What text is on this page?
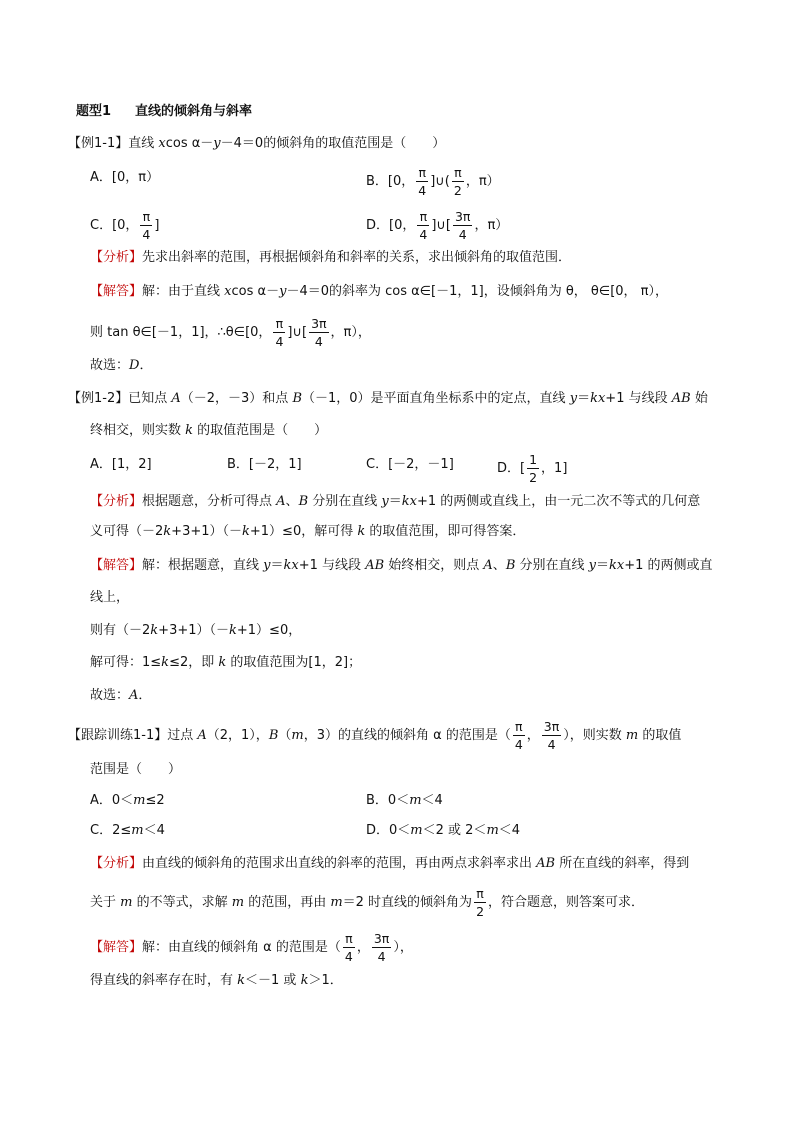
题型1 直线的倾斜角与斜率
【例1-1】直线 xcos α－y－4＝0的倾斜角的取值范围是（　　）
A．[0，π）	B．[0， $\frac{\pi}{4}$ ]∪( $\frac{\pi}{2}$ ，π）
C．[0， $\frac{\pi}{4}$ ]	D．[0， $\frac{\pi}{4}$ ]∪[ $\frac{3\pi}{4}$ ，π）
【分析】先求出斜率的范围，再根据倾斜角和斜率的关系，求出倾斜角的取值范围．
【解答】解：由于直线 xcos α－y－4＝0的斜率为 cos α∈[－1，1]，设倾斜角为 θ， θ∈[0， π），
则 tan θ∈[－1，1]，∴θ∈[0， $\frac{\pi}{4}$ ]∪[ $\frac{3\pi}{4}$ ，π），
故选：D．
【例1-2】已知点 A（－2，－3）和点 B（－1，0）是平面直角坐标系中的定点，直线 y＝kx+1 与线段 AB 始
终相交，则实数 k 的取值范围是（　　）
A．[1，2]	B．[－2，1]	C．[－2，－1]	D．[ $\frac{1}{2}$ ，1]
【分析】根据题意，分析可得点 A、B 分别在直线 y＝kx+1 的两侧或直线上，由一元二次不等式的几何意
义可得（－2k+3+1）（－k+1）≤0，解可得 k 的取值范围，即可得答案．
【解答】解：根据题意，直线 y＝kx+1 与线段 AB 始终相交，则点 A、B 分别在直线 y＝kx+1 的两侧或直
线上，
则有（－2k+3+1）（－k+1）≤0，
解可得：1≤k≤2，即 k 的取值范围为[1，2]；
故选：A．
【跟踪训练1-1】过点 A（2，1），B（m，3）的直线的倾斜角 α 的范围是（ $\frac{\pi}{4}$ ， $\frac{3\pi}{4}$ ），则实数 m 的取值
范围是（　　）
A．0＜m≤2	B．0＜m＜4
C．2≤m＜4	D．0＜m＜2 或 2＜m＜4
【分析】由直线的倾斜角的范围求出直线的斜率的范围，再由两点求斜率求出 AB 所在直线的斜率，得到
关于 m 的不等式，求解 m 的范围，再由 m＝2 时直线的倾斜角为 $\frac{\pi}{2}$ ，符合题意，则答案可求．
【解答】解：由直线的倾斜角 α 的范围是（ $\frac{\pi}{4}$ ， $\frac{3\pi}{4}$ ），
得直线的斜率存在时，有 k＜－1 或 k＞1．
